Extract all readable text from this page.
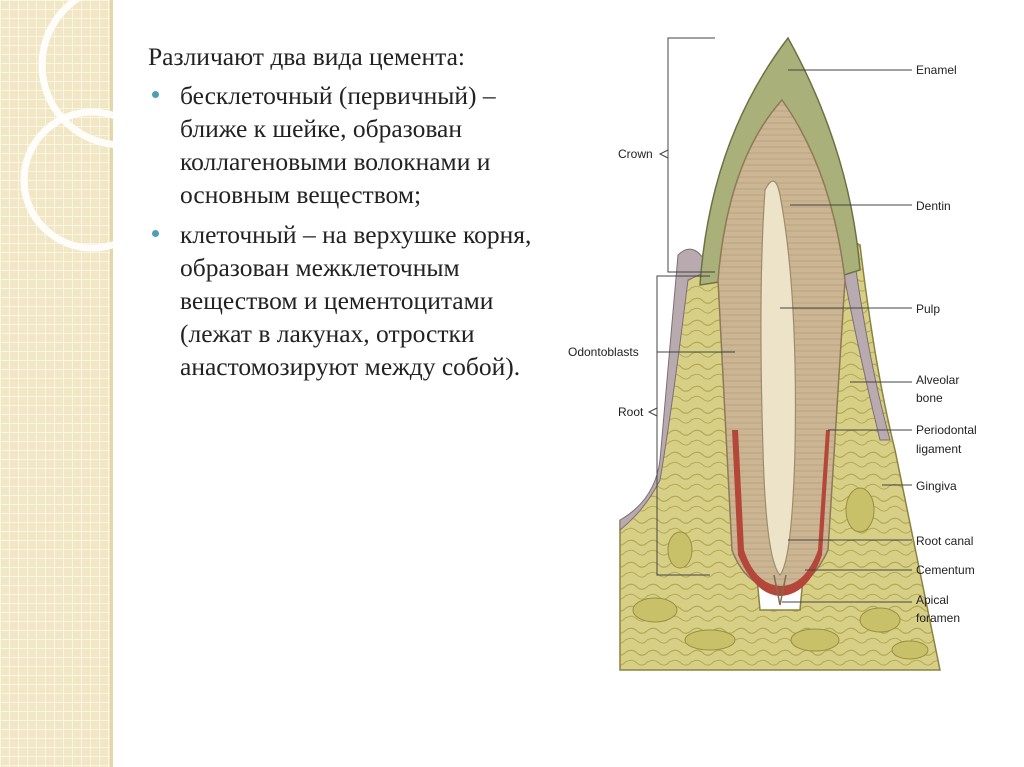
Различают два вида цемента:

бесклеточный (первичный) – ближе к шейке, образован коллагеновыми волокнами и основным веществом;
клеточный – на верхушке корня, образован межклеточным веществом и цементоцитами (лежат в лакунах, отростки анастомозируют между собой).
Enamel
Dentin
Pulp
Alveolar
bone
Periodontal
ligament
Gingiva
Root canal
Cementum
Apical
foramen
Crown
Odontoblasts
Root
